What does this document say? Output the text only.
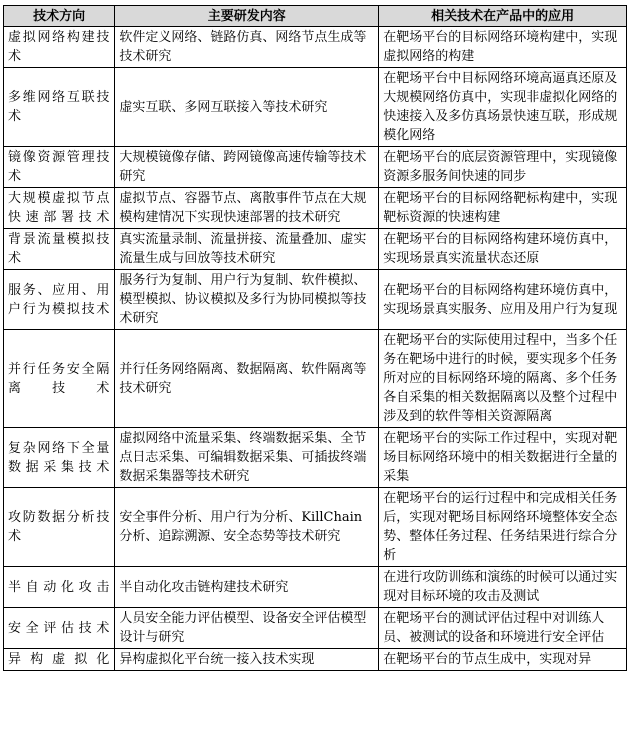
技术方向	主要研发内容	相关技术在产品中的应用
虚拟网络构建技术	软件定义网络、链路仿真、网络节点生成等技术研究	在靶场平台的目标网络环境构建中，实现虚拟网络的构建
多维网络互联技术	虚实互联、多网互联接入等技术研究	在靶场平台中目标网络环境高逼真还原及大规模网络仿真中，实现非虚拟化网络的快速接入及多仿真场景快速互联，形成规模化网络
镜像资源管理技术	大规模镜像存储、跨网镜像高速传输等技术研究	在靶场平台的底层资源管理中，实现镜像资源多服务间快速的同步
大规模虚拟节点快速部署技术	虚拟节点、容器节点、离散事件节点在大规模构建情况下实现快速部署的技术研究	在靶场平台的目标网络靶标构建中，实现靶标资源的快速构建
背景流量模拟技术	真实流量录制、流量拼接、流量叠加、虚实流量生成与回放等技术研究	在靶场平台的目标网络构建环境仿真中，实现场景真实流量状态还原
服务、应用、用户行为模拟技术	服务行为复制、用户行为复制、软件模拟、模型模拟、协议模拟及多行为协同模拟等技术研究	在靶场平台的目标网络构建环境仿真中，实现场景真实服务、应用及用户行为复现
并行任务安全隔离技术	并行任务网络隔离、数据隔离、软件隔离等技术研究	在靶场平台的实际使用过程中，当多个任务在靶场中进行的时候，要实现多个任务所对应的目标网络环境的隔离、多个任务各自采集的相关数据隔离以及整个过程中涉及到的软件等相关资源隔离
复杂网络下全量数据采集技术	虚拟网络中流量采集、终端数据采集、全节点日志采集、可编辑数据采集、可插拔终端数据采集器等技术研究	在靶场平台的实际工作过程中，实现对靶场目标网络环境中的相关数据进行全量的采集
攻防数据分析技术	安全事件分析、用户行为分析、KillChain 分析、追踪溯源、安全态势等技术研究	在靶场平台的运行过程中和完成相关任务后，实现对靶场目标网络环境整体安全态势、整体任务过程、任务结果进行综合分析
半自动化攻击	半自动化攻击链构建技术研究	在进行攻防训练和演练的时候可以通过实现对目标环境的攻击及测试
安全评估技术	人员安全能力评估模型、设备安全评估模型设计与研究	在靶场平台的测试评估过程中对训练人员、被测试的设备和环境进行安全评估
异构虚拟化	异构虚拟化平台统一接入技术实现	在靶场平台的节点生成中，实现对异
